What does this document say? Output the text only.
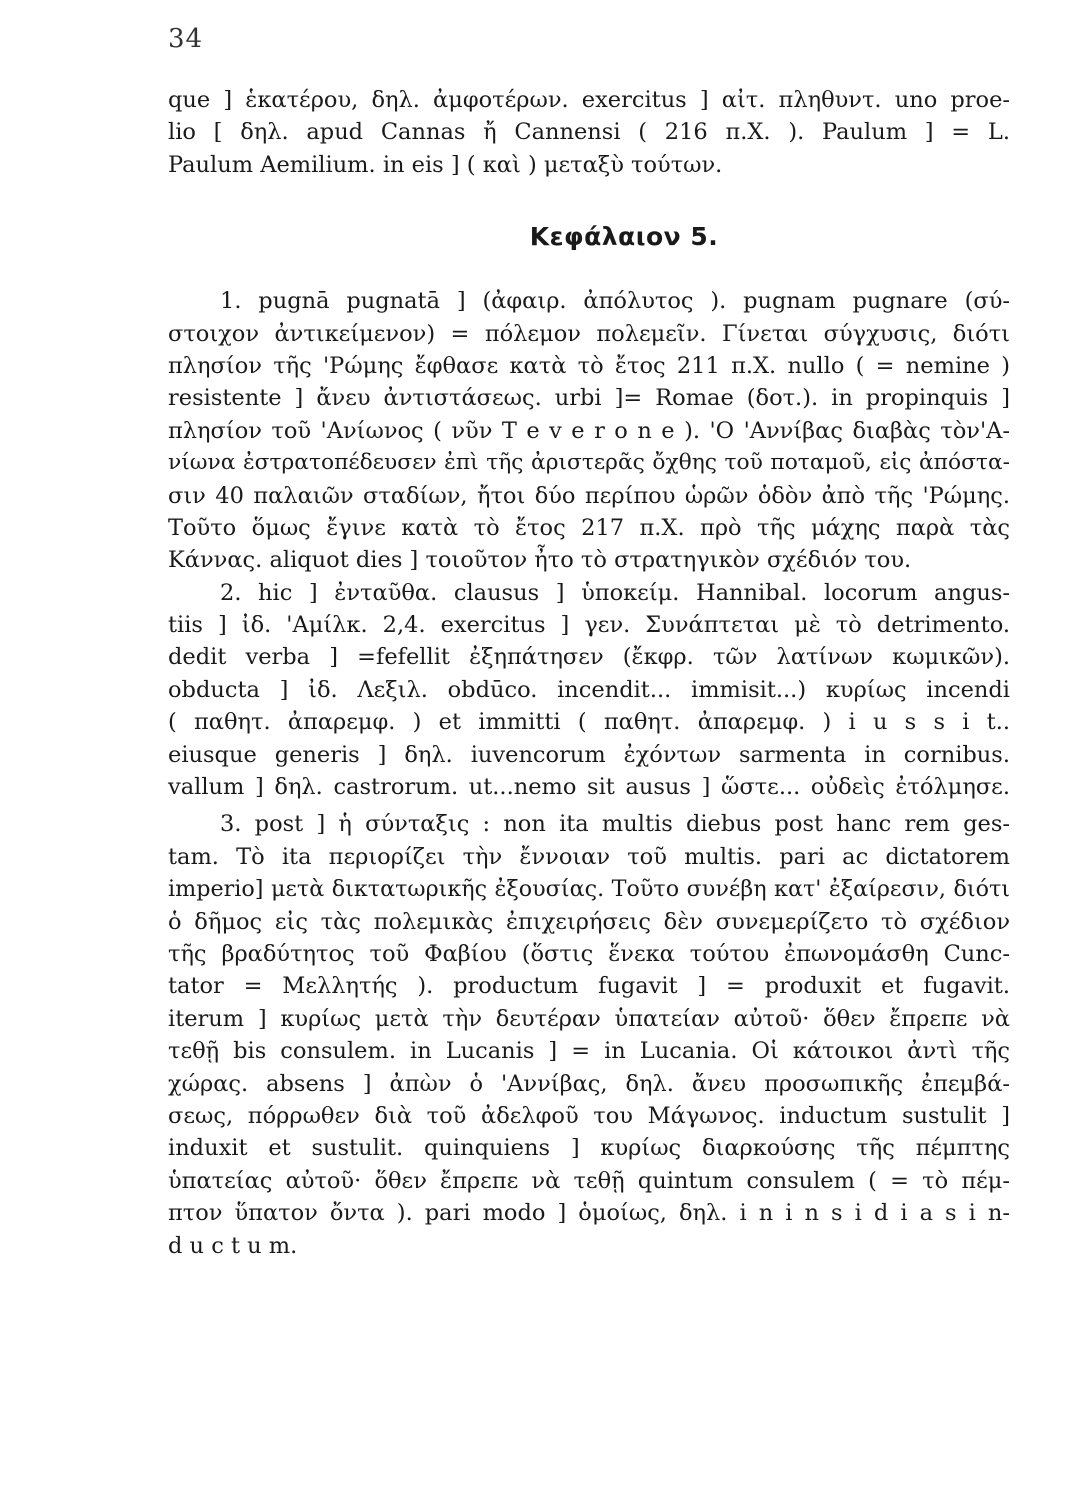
34
que ] ἑκατέρου, δηλ. ἀμφοτέρων. exercitus ] αἰτ. πληθυντ. uno proe-
lio [ δηλ. apud Cannas ἤ Cannensi ( 216 π.Χ. ). Paulum ] = L.
Paulum Aemilium. in eis ] ( καὶ ) μεταξὺ τούτων.
Κεφάλαιον 5.
1. pugnā pugnatā ] (ἀφαιρ. ἀπόλυτος ). pugnam pugnare (σύ-
στοιχον ἀντικείμενον) = πόλεμον πολεμεῖν. Γίνεται σύγχυσις, διότι
πλησίον τῆς 'Ρώμης ἔφθασε κατὰ τὸ ἔτος 211 π.Χ. nullo ( = nemine )
resistente ] ἄνευ ἀντιστάσεως. urbi ]= Romae (δοτ.). in propinquis ]
πλησίον τοῦ 'Ανίωνος ( νῦν T e v e r o n e ). 'Ο 'Αννίβας διαβὰς τὸν'Α-
νίωνα ἐστρατοπέδευσεν ἐπὶ τῆς ἀριστερᾶς ὄχθης τοῦ ποταμοῦ, εἰς ἀπόστα-
σιν 40 παλαιῶν σταδίων, ἤτοι δύο περίπου ὡρῶν ὁδὸν ἀπὸ τῆς 'Ρώμης.
Τοῦτο ὅμως ἔγινε κατὰ τὸ ἔτος 217 π.Χ. πρὸ τῆς μάχης παρὰ τὰς
Κάννας. aliquot dies ] τοιοῦτον ἦτο τὸ στρατηγικὸν σχέδιόν του.
2. hic ] ἐνταῦθα. clausus ] ὑποκείμ. Hannibal. locorum angus-
tiis ] ἰδ. 'Αμίλκ. 2,4. exercitus ] γεν. Συνάπτεται μὲ τὸ detrimento.
dedit verba ] =fefellit ἐξηπάτησεν (ἔκφρ. τῶν λατίνων κωμικῶν).
obducta ] ἰδ. Λεξιλ. obdūco. incendit... immisit...) κυρίως incendi
( παθητ. ἀπαρεμφ. ) et immitti ( παθητ. ἀπαρεμφ. ) i u s s i t..
eiusque generis ] δηλ. iuvencorum ἐχόντων sarmenta in cornibus.
vallum ] δηλ. castrorum. ut...nemo sit ausus ] ὥστε... οὐδεὶς ἐτόλμησε.
3. post ] ἡ σύνταξις : non ita multis diebus post hanc rem ges-
tam. Τὸ ita περιορίζει τὴν ἔννοιαν τοῦ multis. pari ac dictatorem
imperio] μετὰ δικτατωρικῆς ἐξουσίας. Τοῦτο συνέβη κατ' ἐξαίρεσιν, διότι
ὁ δῆμος εἰς τὰς πολεμικὰς ἐπιχειρήσεις δὲν συνεμερίζετο τὸ σχέδιον
τῆς βραδύτητος τοῦ Φαβίου (ὅστις ἕνεκα τούτου ἐπωνομάσθη Cunc-
tator = Μελλητής ). productum fugavit ] = produxit et fugavit.
iterum ] κυρίως μετὰ τὴν δευτέραν ὑπατείαν αὐτοῦ· ὅθεν ἔπρεπε νὰ
τεθῇ bis consulem. in Lucanis ] = in Lucania. Οἱ κάτοικοι ἀντὶ τῆς
χώρας. absens ] ἀπὼν ὁ 'Αννίβας, δηλ. ἄνευ προσωπικῆς ἐπεμβά-
σεως, πόρρωθεν διὰ τοῦ ἀδελφοῦ του Μάγωνος. inductum sustulit ]
induxit et sustulit. quinquiens ] κυρίως διαρκούσης τῆς πέμπτης
ὑπατείας αὐτοῦ· ὅθεν ἔπρεπε νὰ τεθῇ quintum consulem ( = τὸ πέμ-
πτον ὕπατον ὄντα ). pari modo ] ὁμοίως, δηλ. i n i n s i d i a s i n-
d u c t u m.
